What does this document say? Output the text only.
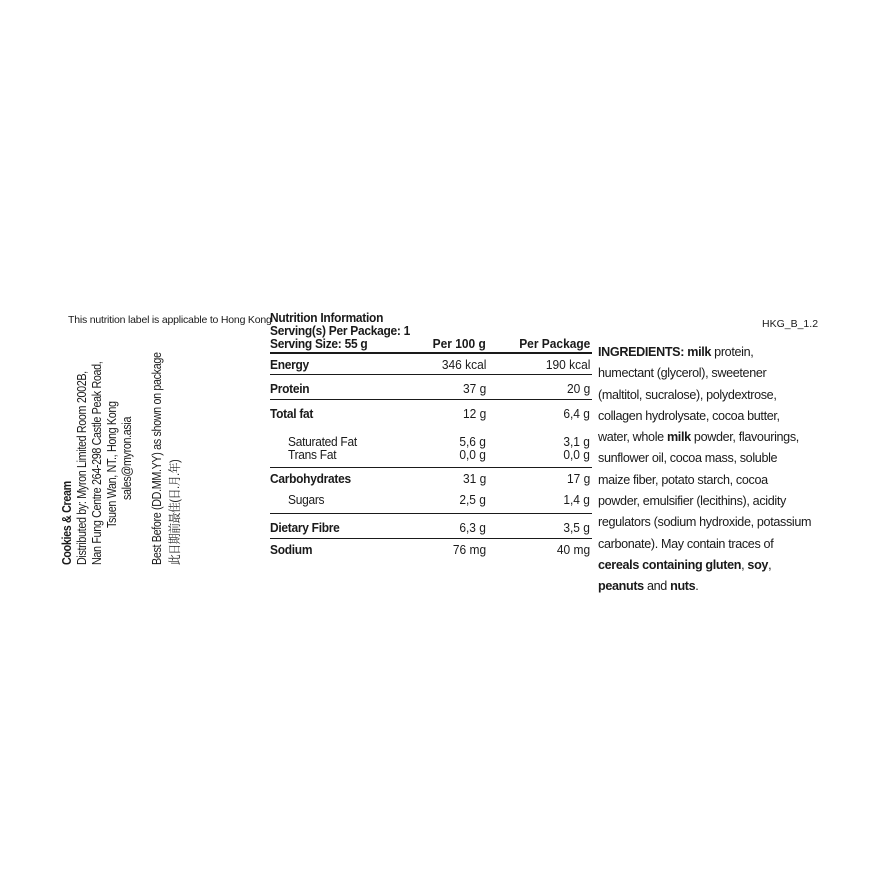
This nutrition label is applicable to Hong Kong	HKG_B_1.2
Cookies & Cream Distributed by: Myron Limited Room 2002B, Nan Fung Centre 264-298 Castle Peak Road, Tsuen Wan, NT., Hong Kong sales@myron.asia Best Before (DD.MM.YY) as shown on package 此日期前最佳(日.月.年)
Nutrition Information
Serving(s) Per Package: 1
Serving Size: 55 g	Per 100 g	Per Package
Energy	346 kcal	190 kcal
Protein	37 g	20 g
Total fat	12 g	6,4 g
Saturated Fat	5,6 g	3,1 g
Trans Fat	0,0 g	0,0 g
Carbohydrates	31 g	17 g
Sugars	2,5 g	1,4 g
Dietary Fibre	6,3 g	3,5 g
Sodium	76 mg	40 mg
INGREDIENTS: milk protein, humectant (glycerol), sweetener (maltitol, sucralose), polydextrose, collagen hydrolysate, cocoa butter, water, whole milk powder, flavourings, sunflower oil, cocoa mass, soluble maize fiber, potato starch, cocoa powder, emulsifier (lecithins), acidity regulators (sodium hydroxide, potassium carbonate). May contain traces of cereals containing gluten, soy, peanuts and nuts.
